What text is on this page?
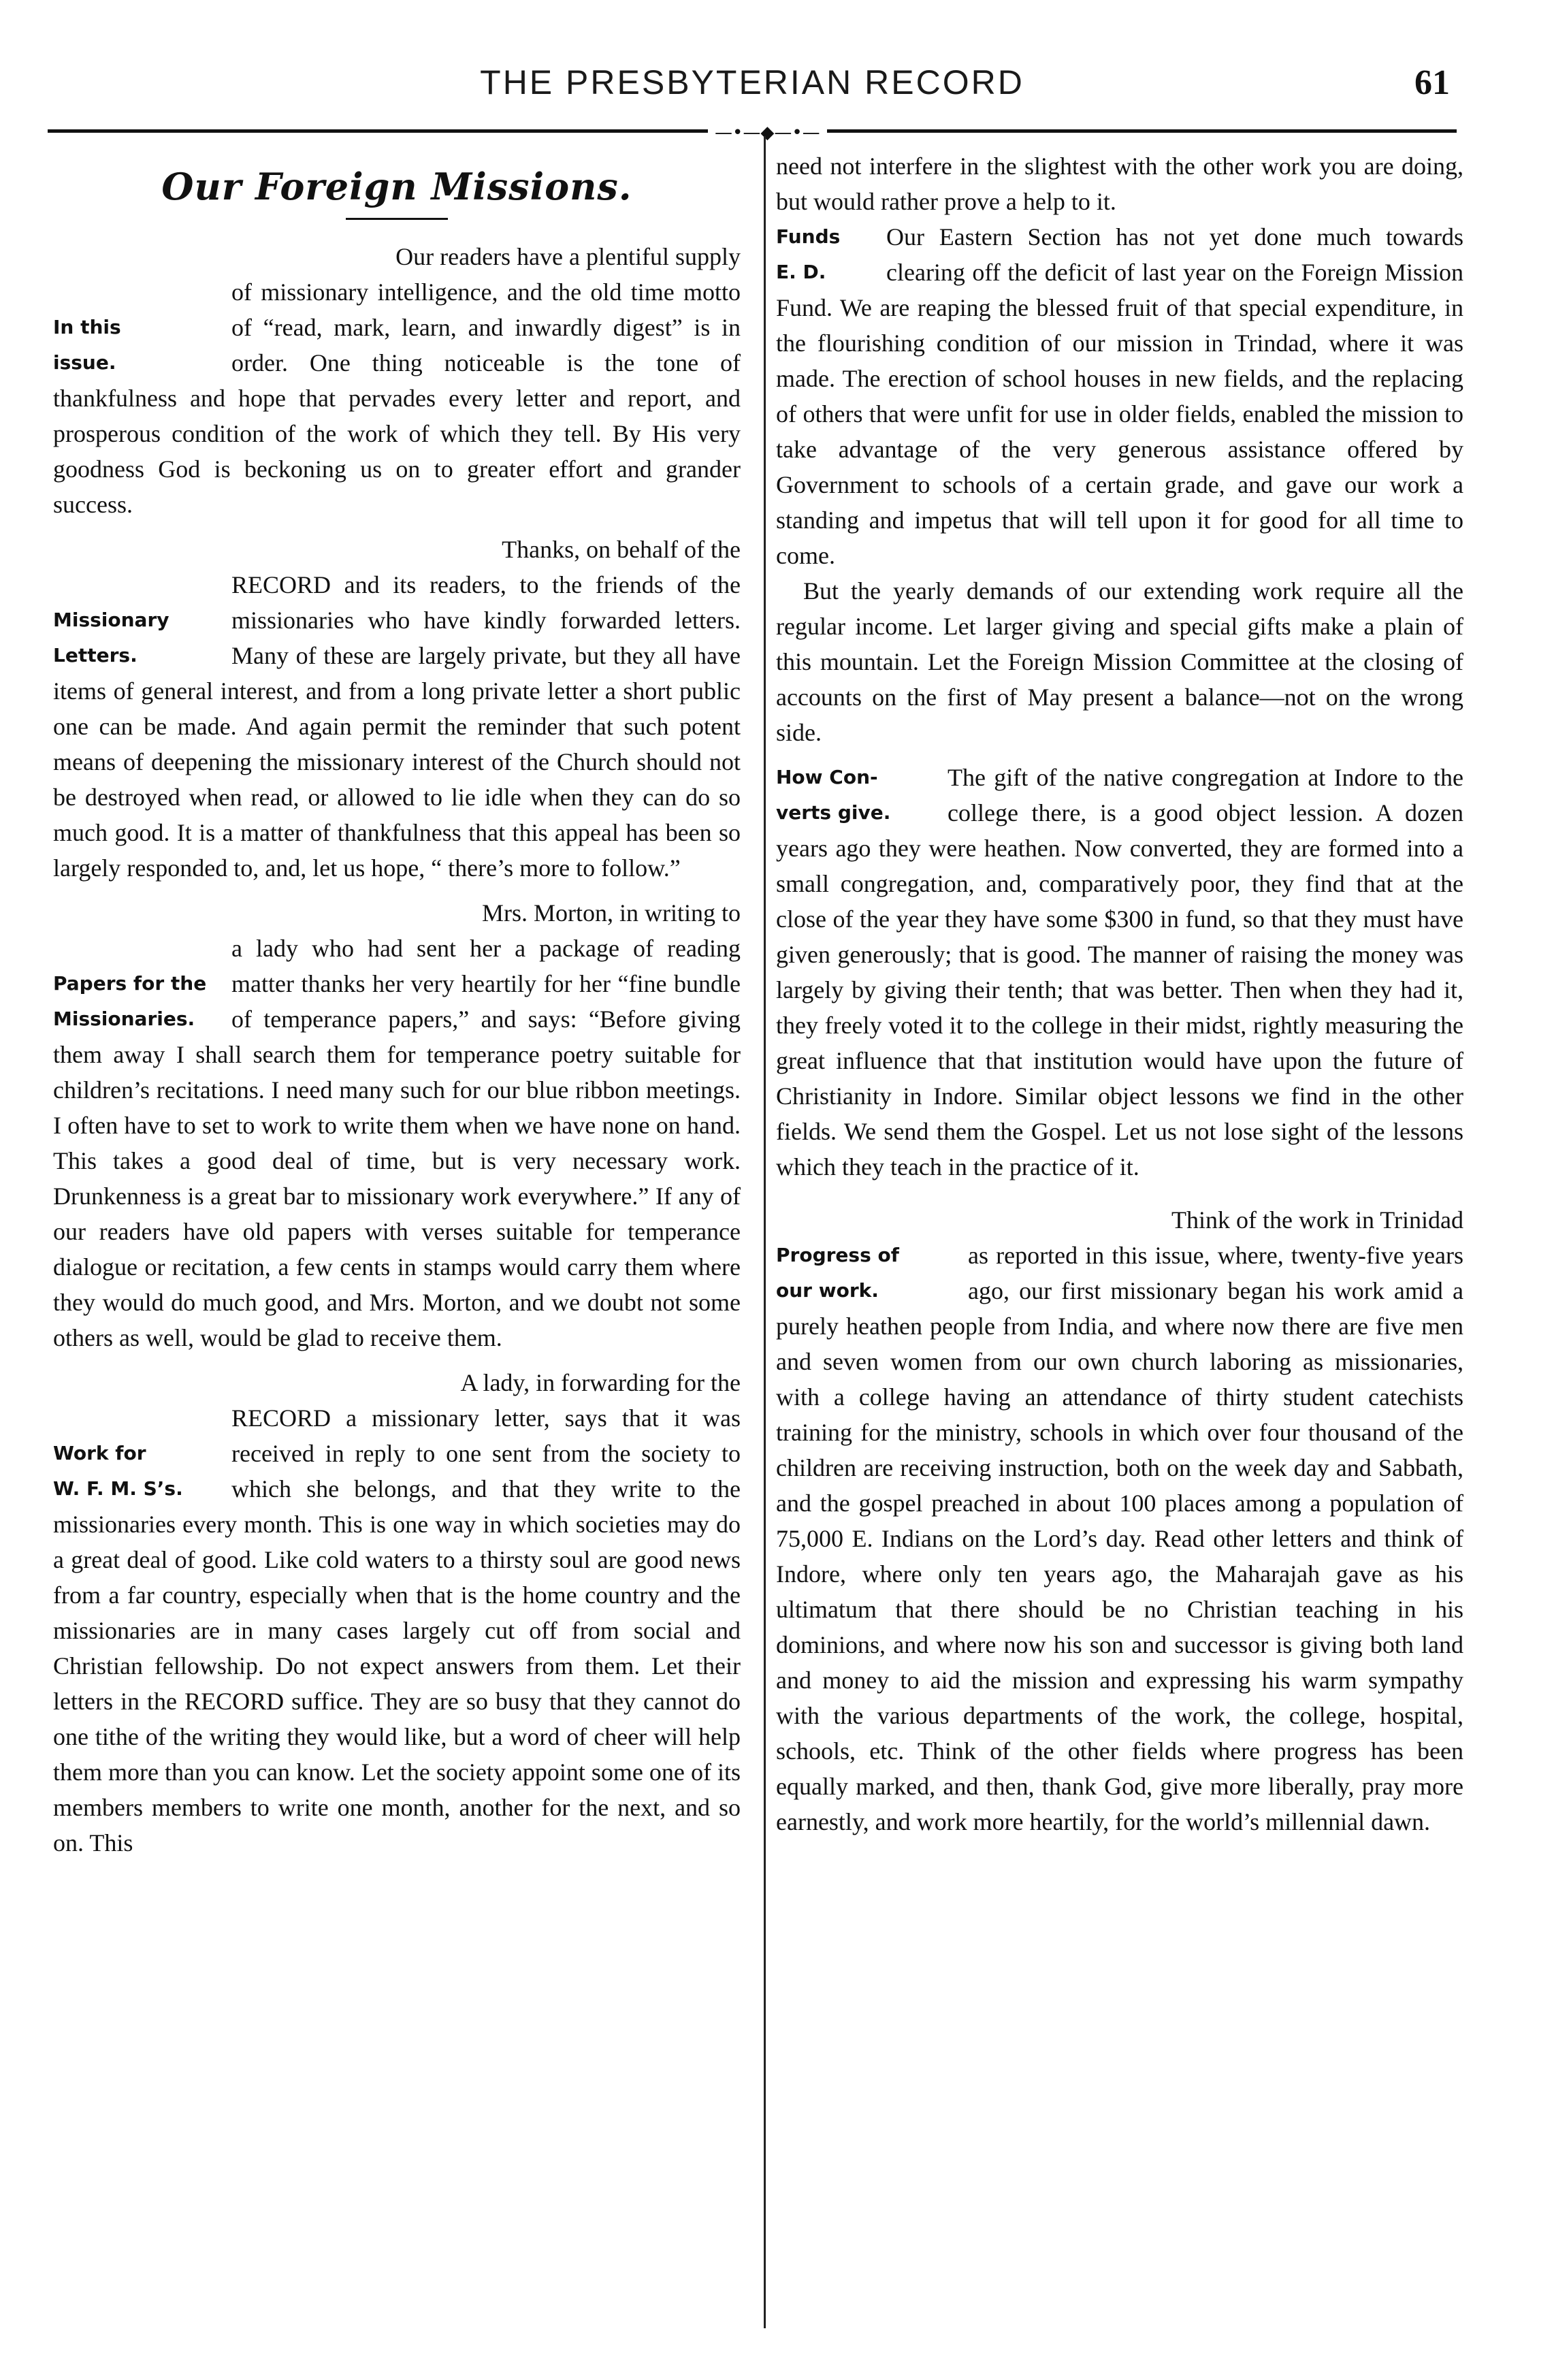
THE PRESBYTERIAN RECORD	61
—•—◆—•—
Our Foreign Missions.
Our readers have a plentiful supply
In this
issue.

of missionary intelligence, and the old time motto of “read, mark, learn, and inwardly digest” is in order. One thing noticeable is the tone of thankfulness and hope that pervades every letter and report, and prosperous condition of the work of which they tell. By His very goodness God is beckoning us on to greater effort and grander success.

Thanks, on behalf of the
Missionary
Letters.

RECORD and its readers, to the friends of the missionaries who have kindly forwarded letters. Many of these are largely private, but they all have items of general interest, and from a long private letter a short public one can be made. And again permit the reminder that such potent means of deepening the missionary interest of the Church should not be destroyed when read, or allowed to lie idle when they can do so much good. It is a matter of thankfulness that this appeal has been so largely responded to, and, let us hope, “ there’s more to follow.”

Mrs. Morton, in writing to
Papers for the
Missionaries.

a lady who had sent her a package of reading matter thanks her very heartily for her “fine bundle of temperance papers,” and says: “Before giving them away I shall search them for temperance poetry suitable for children’s recitations. I need many such for our blue ribbon meetings. I often have to set to work to write them when we have none on hand. This takes a good deal of time, but is very necessary work. Drunkenness is a great bar to missionary work everywhere.” If any of our readers have old papers with verses suitable for temperance dialogue or recitation, a few cents in stamps would carry them where they would do much good, and Mrs. Morton, and we doubt not some others as well, would be glad to receive them.

A lady, in forwarding for the
Work for
W. F. M. S’s.

RECORD a missionary letter, says that it was received in reply to one sent from the society to which she belongs, and that they write to the missionaries every month. This is one way in which societies may do a great deal of good. Like cold waters to a thirsty soul are good news from a far country, especially when that is the home country and the missionaries are in many cases largely cut off from social and Christian fellowship. Do not expect answers from them. Let their letters in the RECORD suffice. They are so busy that they cannot do one tithe of the writing they would like, but a word of cheer will help them more than you can know. Let the society appoint some one of its members members to write one month, another for the next, and so on. This

need not interfere in the slightest with the other work you are doing, but would rather prove a help to it.

Funds
E. D.

Our Eastern Section has not yet done much towards clearing off the deficit of last year on the Foreign Mission Fund. We are reaping the blessed fruit of that special expenditure, in the flourishing condition of our mission in Trindad, where it was made. The erection of school houses in new fields, and the replacing of others that were unfit for use in older fields, enabled the mission to take advantage of the very generous assistance offered by Government to schools of a certain grade, and gave our work a standing and impetus that will tell upon it for good for all time to come.

But the yearly demands of our extending work require all the regular income. Let larger giving and special gifts make a plain of this mountain. Let the Foreign Mission Committee at the closing of accounts on the first of May present a balance—not on the wrong side.

How Con-
verts give.

The gift of the native congregation at Indore to the college there, is a good object lession. A dozen years ago they were heathen. Now converted, they are formed into a small congregation, and, comparatively poor, they find that at the close of the year they have some $300 in fund, so that they must have given generously; that is good. The manner of raising the money was largely by giving their tenth; that was better. Then when they had it, they freely voted it to the college in their midst, rightly measuring the great influence that that institution would have upon the future of Christianity in Indore. Similar object lessons we find in the other fields. We send them the Gospel. Let us not lose sight of the lessons which they teach in the practice of it.

Think of the work in Trinidad
Progress of
our work.

as reported in this issue, where, twenty-five years ago, our first missionary began his work amid a purely heathen people from India, and where now there are five men and seven women from our own church laboring as missionaries, with a college having an attendance of thirty student catechists training for the ministry, schools in which over four thousand of the children are receiving instruction, both on the week day and Sabbath, and the gospel preached in about 100 places among a population of 75,000 E. Indians on the Lord’s day. Read other letters and think of Indore, where only ten years ago, the Maharajah gave as his ultimatum that there should be no Christian teaching in his dominions, and where now his son and successor is giving both land and money to aid the mission and expressing his warm sympathy with the various departments of the work, the college, hospital, schools, etc. Think of the other fields where progress has been equally marked, and then, thank God, give more liberally, pray more earnestly, and work more heartily, for the world’s millennial dawn.
